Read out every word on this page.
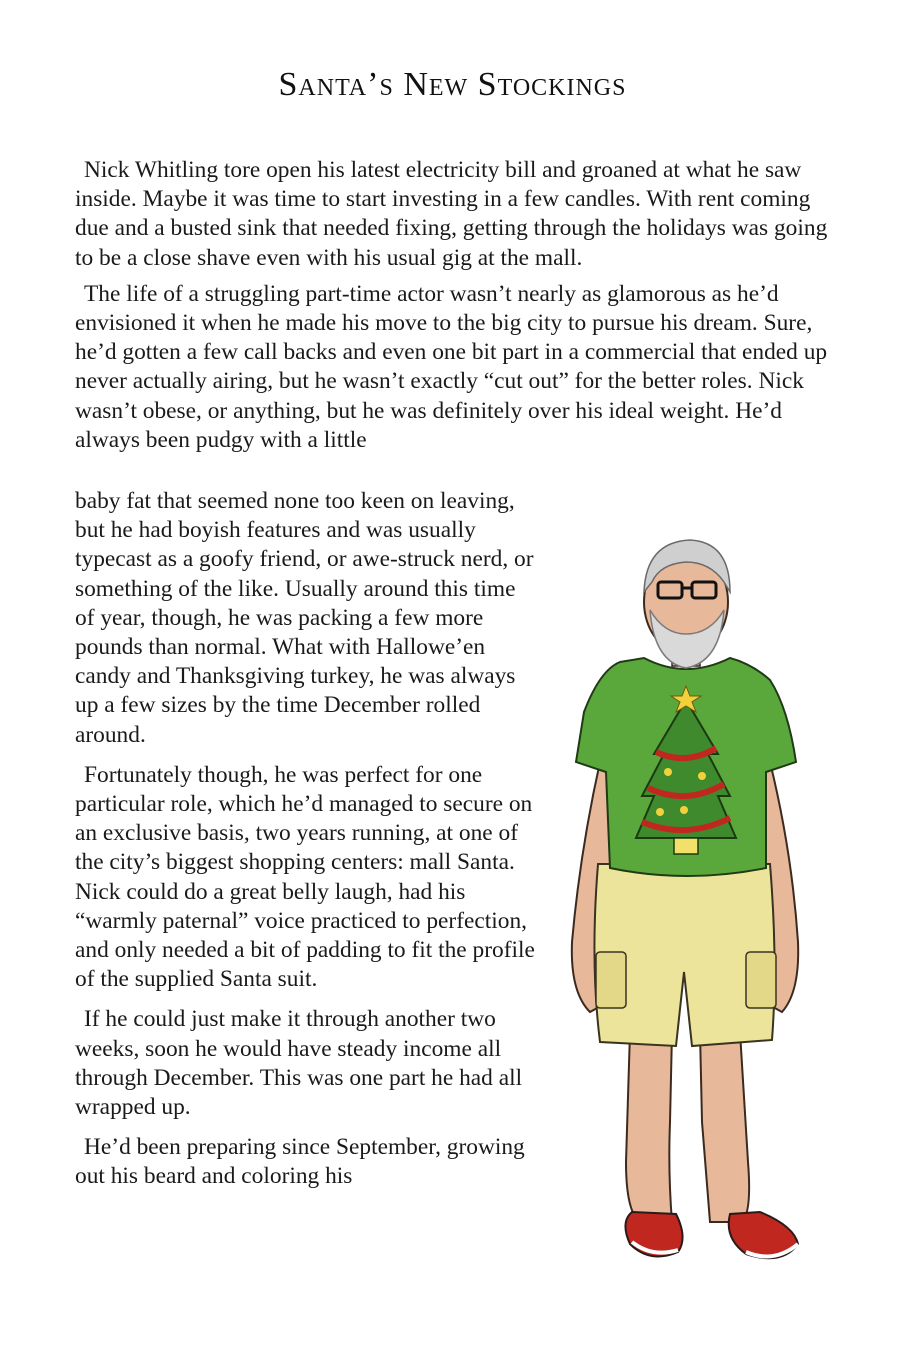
Santa’s New Stockings

Nick Whitling tore open his latest electricity bill and groaned at what he saw inside. Maybe it was time to start investing in a few candles. With rent coming due and a busted sink that needed fixing, getting through the holidays was going to be a close shave even with his usual gig at the mall.

The life of a struggling part-time actor wasn’t nearly as glamorous as he’d envisioned it when he made his move to the big city to pursue his dream. Sure, he’d gotten a few call backs and even one bit part in a commercial that ended up never actually airing, but he wasn’t exactly “cut out” for the better roles. Nick wasn’t obese, or anything, but he was definitely over his ideal weight. He’d always been pudgy with a little

baby fat that seemed none too keen on leaving, but he had boyish features and was usually typecast as a goofy friend, or awe-struck nerd, or something of the like. Usually around this time of year, though, he was packing a few more pounds than normal. What with Hallowe’en candy and Thanksgiving turkey, he was always up a few sizes by the time December rolled around.

Fortunately though, he was perfect for one particular role, which he’d managed to secure on an exclusive basis, two years running, at one of the city’s biggest shopping centers: mall Santa. Nick could do a great belly laugh, had his “warmly paternal” voice practiced to perfection, and only needed a bit of padding to fit the profile of the supplied Santa suit.

If he could just make it through another two weeks, soon he would have steady income all through December. This was one part he had all wrapped up.

He’d been preparing since September, growing out his beard and coloring his
